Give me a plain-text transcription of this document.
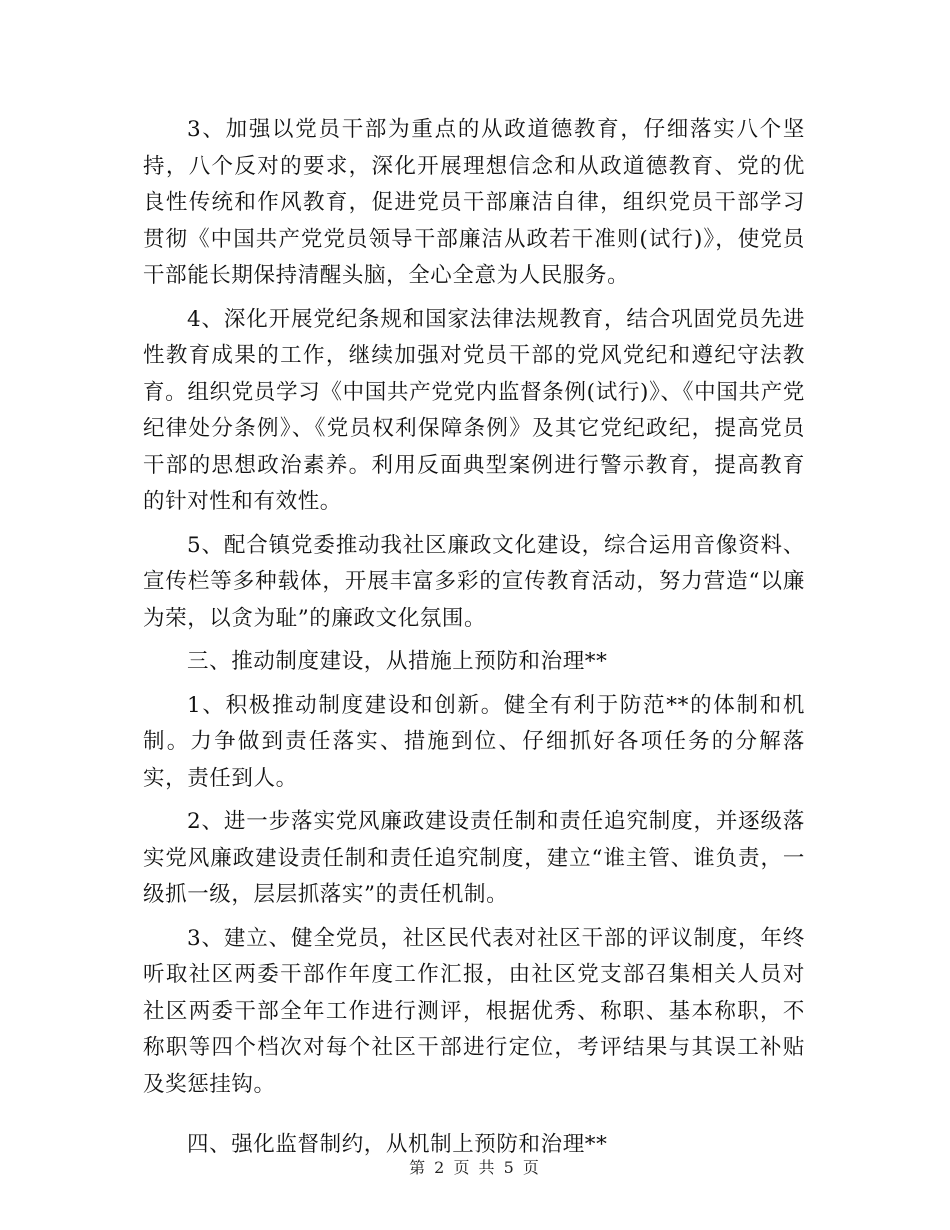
3、加强以党员干部为重点的从政道德教育，仔细落实八个坚持，八个反对的要求，深化开展理想信念和从政道德教育、党的优良性传统和作风教育，促进党员干部廉洁自律，组织党员干部学习贯彻《中国共产党党员领导干部廉洁从政若干准则(试行)》，使党员干部能长期保持清醒头脑，全心全意为人民服务。

4、深化开展党纪条规和国家法律法规教育，结合巩固党员先进性教育成果的工作，继续加强对党员干部的党风党纪和遵纪守法教育。组织党员学习《中国共产党党内监督条例(试行)》、《中国共产党纪律处分条例》、《党员权利保障条例》及其它党纪政纪，提高党员干部的思想政治素养。利用反面典型案例进行警示教育，提高教育的针对性和有效性。

5、配合镇党委推动我社区廉政文化建设，综合运用音像资料、宣传栏等多种载体，开展丰富多彩的宣传教育活动，努力营造“以廉为荣，以贪为耻”的廉政文化氛围。

三、推动制度建设，从措施上预防和治理**

1、积极推动制度建设和创新。健全有利于防范**的体制和机制。力争做到责任落实、措施到位、仔细抓好各项任务的分解落实，责任到人。

2、进一步落实党风廉政建设责任制和责任追究制度，并逐级落实党风廉政建设责任制和责任追究制度，建立“谁主管、谁负责，一级抓一级，层层抓落实”的责任机制。

3、建立、健全党员，社区民代表对社区干部的评议制度，年终听取社区两委干部作年度工作汇报，由社区党支部召集相关人员对社区两委干部全年工作进行测评，根据优秀、称职、基本称职，不称职等四个档次对每个社区干部进行定位，考评结果与其误工补贴及奖惩挂钩。

四、强化监督制约，从机制上预防和治理**

第 2 页 共 5 页
